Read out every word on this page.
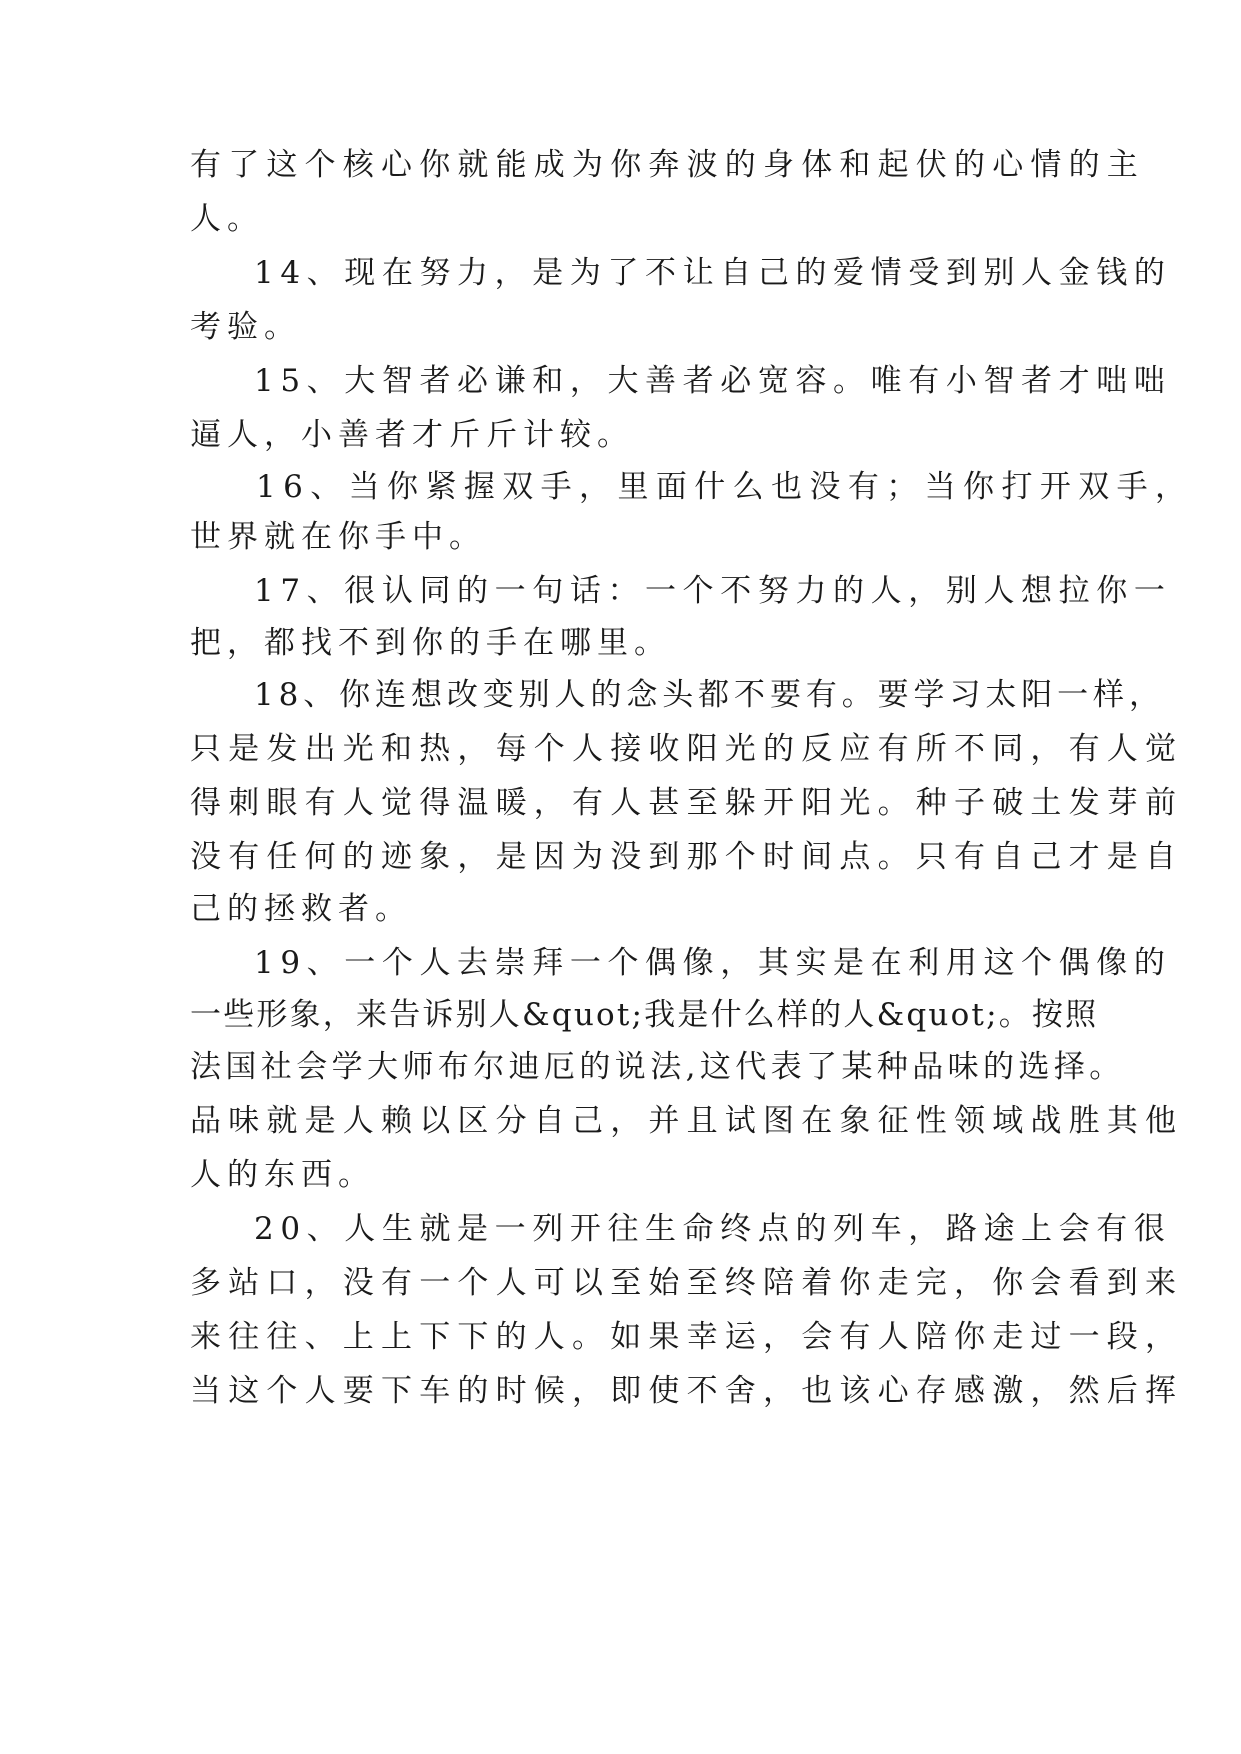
有了这个核心你就能成为你奔波的身体和起伏的心情的主
人。
14、现在努力，是为了不让自己的爱情受到别人金钱的
考验。
15、大智者必谦和，大善者必宽容。唯有小智者才咄咄
逼人，小善者才斤斤计较。
16、当你紧握双手，里面什么也没有；当你打开双手，
世界就在你手中。
17、很认同的一句话：一个不努力的人，别人想拉你一
把，都找不到你的手在哪里。
18、你连想改变别人的念头都不要有。要学习太阳一样，
只是发出光和热，每个人接收阳光的反应有所不同，有人觉
得刺眼有人觉得温暖，有人甚至躲开阳光。种子破土发芽前
没有任何的迹象，是因为没到那个时间点。只有自己才是自
己的拯救者。
19、一个人去崇拜一个偶像，其实是在利用这个偶像的
一些形象，来告诉别人&quot;我是什么样的人&quot;。按照
法国社会学大师布尔迪厄的说法,这代表了某种品味的选择。
品味就是人赖以区分自己，并且试图在象征性领域战胜其他
人的东西。
20、人生就是一列开往生命终点的列车，路途上会有很
多站口，没有一个人可以至始至终陪着你走完，你会看到来
来往往、上上下下的人。如果幸运，会有人陪你走过一段，
当这个人要下车的时候，即使不舍，也该心存感激，然后挥
